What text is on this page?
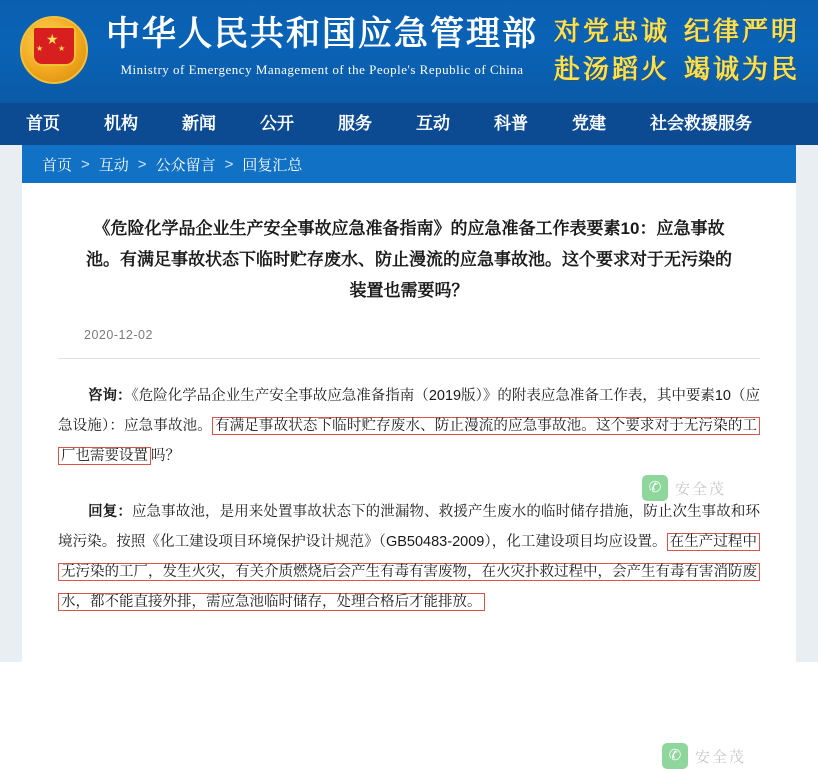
★
★ ★	中华人民共和国应急管理部
Ministry of Emergency Management of the People's Republic of China
对党忠诚 纪律严明
赴汤蹈火 竭诚为民
首页	机构	新闻	公开	服务	互动	科普	党建	社会救援服务
首页 > 互动 > 公众留言 > 回复汇总
《危险化学品企业生产安全事故应急准备指南》的应急准备工作表要素10：应急事故池。有满足事故状态下临时贮存废水、防止漫流的应急事故池。这个要求对于无污染的装置也需要吗？
2020-12-02

咨询：《危险化学品企业生产安全事故应急准备指南（2019版）》的附表应急准备工作表，其中要素10（应急设施）：应急事故池。 有满足事故状态下临时贮存废水、防止漫流的应急事故池。这个要求对于无污染的工厂也需要设置 吗？

回复：应急事故池，是用来处置事故状态下的泄漏物、救援产生废水的临时储存措施，防止次生事故和环境污染。按照《化工建设项目环境保护设计规范》（GB50483-2009），化工建设项目均应设置。 在生产过程中无污染的工厂，发生火灾，有关介质燃烧后会产生有毒有害废物，在火灾扑救过程中，会产生有毒有害消防废水，都不能直接外排，需应急池临时储存，处理合格后才能排放。

✆ 安全茂
✆ 安全茂
